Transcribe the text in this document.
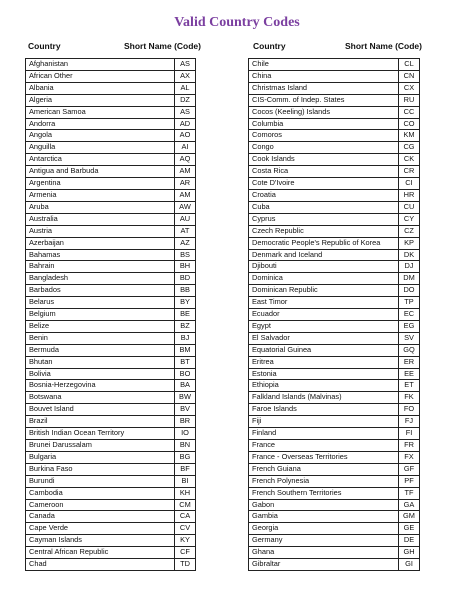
Valid Country Codes
Country	Short Name (Code)	Country	Short Name (Code)
Afghanistan	AS
African Other	AX
Albania	AL
Algeria	DZ
American Samoa	AS
Andorra	AD
Angola	AO
Anguilla	AI
Antarctica	AQ
Antigua and Barbuda	AM
Argentina	AR
Armenia	AM
Aruba	AW
Australia	AU
Austria	AT
Azerbaijan	AZ
Bahamas	BS
Bahrain	BH
Bangladesh	BD
Barbados	BB
Belarus	BY
Belgium	BE
Belize	BZ
Benin	BJ
Bermuda	BM
Bhutan	BT
Bolivia	BO
Bosnia-Herzegovina	BA
Botswana	BW
Bouvet Island	BV
Brazil	BR
British Indian Ocean Territory	IO
Brunei Darussalam	BN
Bulgaria	BG
Burkina Faso	BF
Burundi	BI
Cambodia	KH
Cameroon	CM
Canada	CA
Cape Verde	CV
Cayman Islands	KY
Central African Republic	CF
Chad	TD
Chile	CL
China	CN
Christmas Island	CX
CIS-Comm. of Indep. States	RU
Cocos (Keeling) Islands	CC
Columbia	CO
Comoros	KM
Congo	CG
Cook Islands	CK
Costa Rica	CR
Cote D'Ivoire	CI
Croatia	HR
Cuba	CU
Cyprus	CY
Czech Republic	CZ
Democratic People's Republic of Korea	KP
Denmark and Iceland	DK
Djibouti	DJ
Dominica	DM
Dominican Republic	DO
East Timor	TP
Ecuador	EC
Egypt	EG
El Salvador	SV
Equatorial Guinea	GQ
Eritrea	ER
Estonia	EE
Ethiopia	ET
Falkland Islands (Malvinas)	FK
Faroe Islands	FO
Fiji	FJ
Finland	FI
France	FR
France - Overseas Territories	FX
French Guiana	GF
French Polynesia	PF
French Southern Territories	TF
Gabon	GA
Gambia	GM
Georgia	GE
Germany	DE
Ghana	GH
Gibraltar	GI
